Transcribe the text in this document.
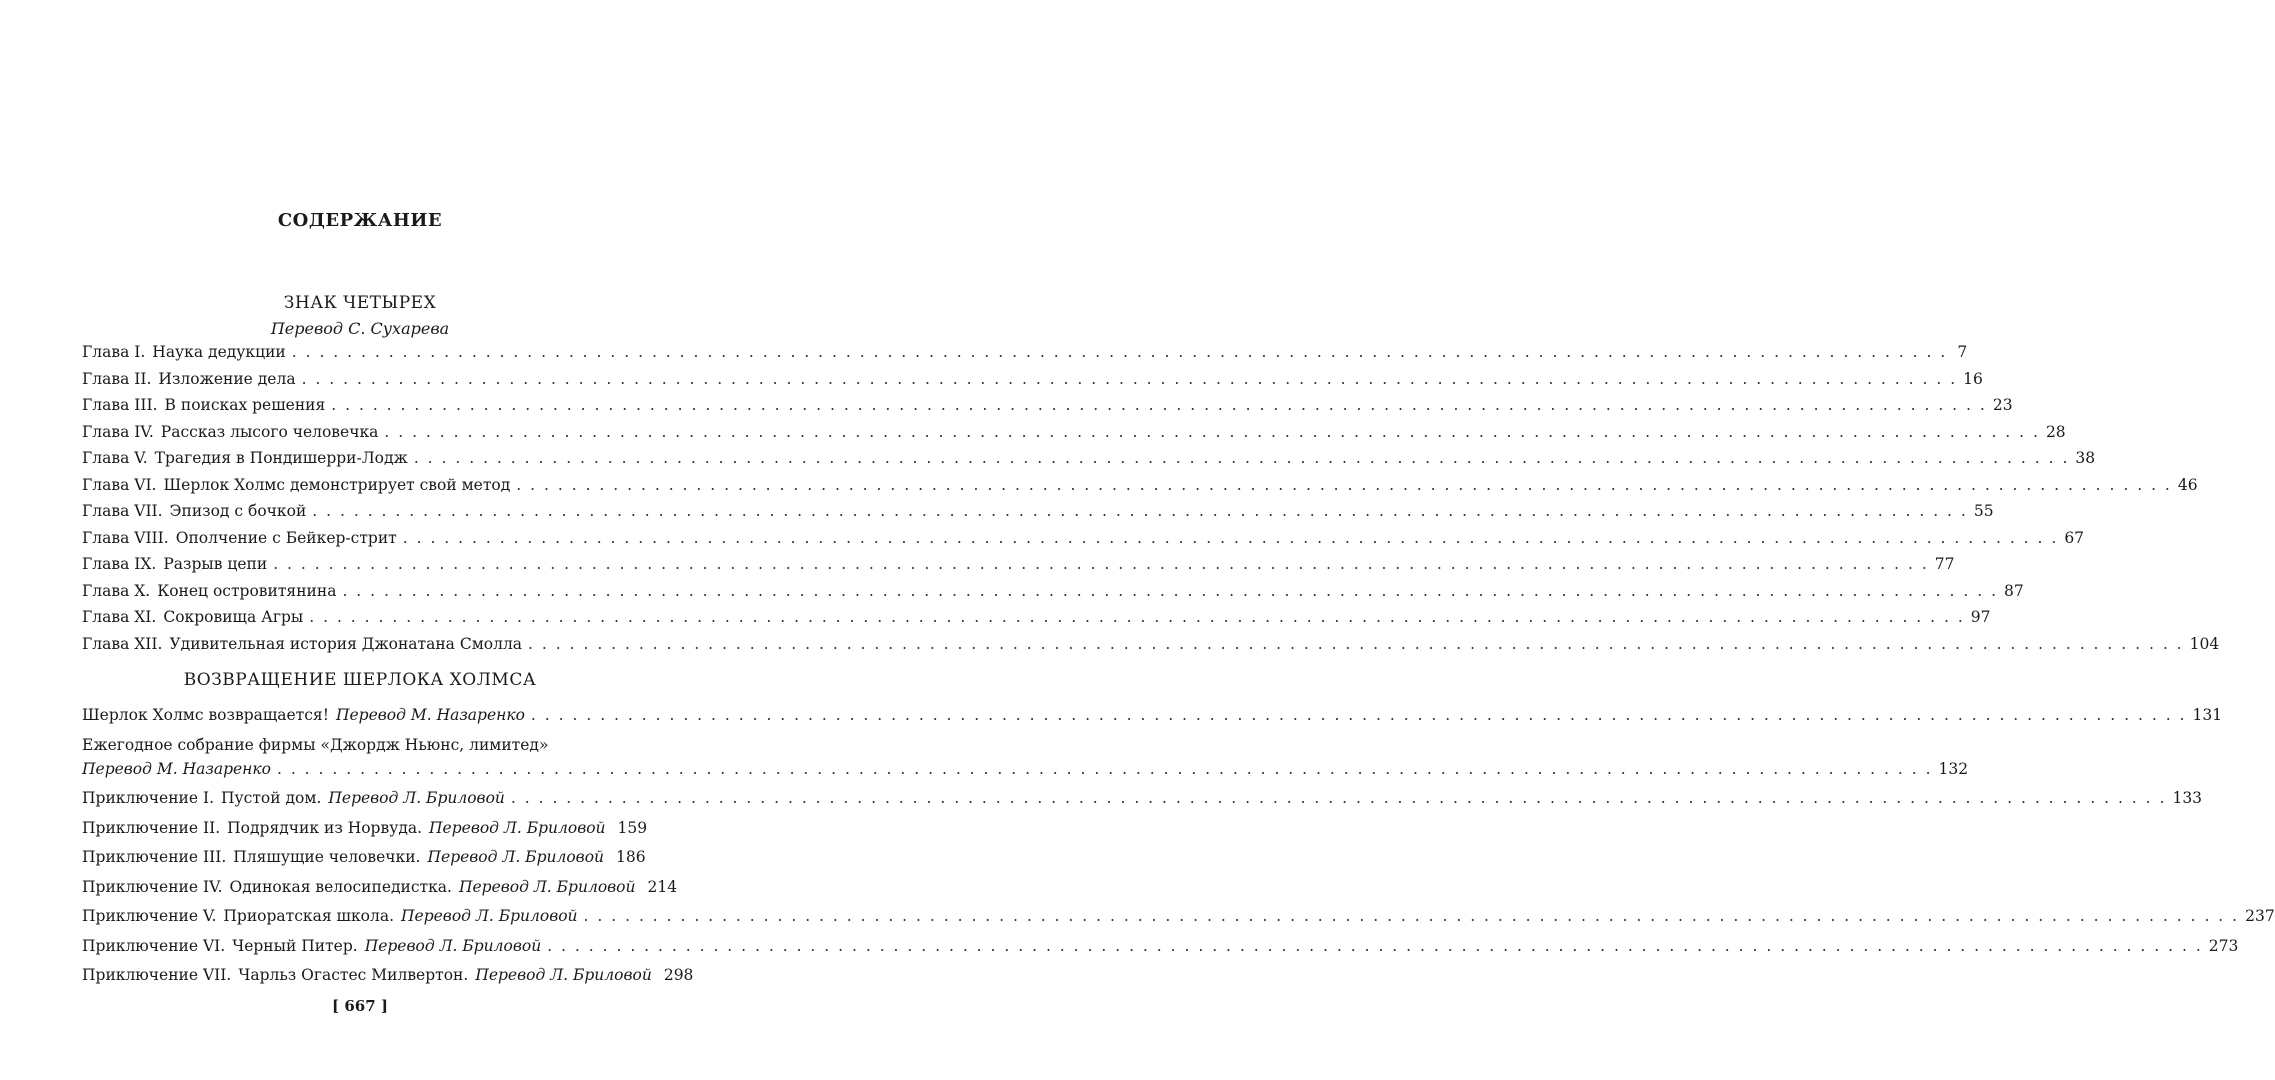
СОДЕРЖАНИЕ
ЗНАК ЧЕТЫРЕХ
Перевод С. Сухарева
Глава I. Наука дедукции . . . . . . . . . . . . . . . . . . . . . . . . . . . . . . . . . . . . . . . . . . . . . . . . . . . . . . . . . . . . . . . . . . . . . . . . . . . . . . . . . . . . . . . . . . . . . . . . . . . . . . . . . . . . . . . . . . . . . . . . 7
Глава II. Изложение дела . . . . . . . . . . . . . . . . . . . . . . . . . . . . . . . . . . . . . . . . . . . . . . . . . . . . . . . . . . . . . . . . . . . . . . . . . . . . . . . . . . . . . . . . . . . . . . . . . . . . . . . . . . . . . . . . . . . . . . . . 16
Глава III. В поисках решения . . . . . . . . . . . . . . . . . . . . . . . . . . . . . . . . . . . . . . . . . . . . . . . . . . . . . . . . . . . . . . . . . . . . . . . . . . . . . . . . . . . . . . . . . . . . . . . . . . . . . . . . . . . . . . . . . . . . . . . . 23
Глава IV. Рассказ лысого человечка . . . . . . . . . . . . . . . . . . . . . . . . . . . . . . . . . . . . . . . . . . . . . . . . . . . . . . . . . . . . . . . . . . . . . . . . . . . . . . . . . . . . . . . . . . . . . . . . . . . . . . . . . . . . . . . . . . . . . . . . 28
Глава V. Трагедия в Пондишерри-Лодж . . . . . . . . . . . . . . . . . . . . . . . . . . . . . . . . . . . . . . . . . . . . . . . . . . . . . . . . . . . . . . . . . . . . . . . . . . . . . . . . . . . . . . . . . . . . . . . . . . . . . . . . . . . . . . . . . . . . . . . . 38
Глава VI. Шерлок Холмс демонстрирует свой метод . . . . . . . . . . . . . . . . . . . . . . . . . . . . . . . . . . . . . . . . . . . . . . . . . . . . . . . . . . . . . . . . . . . . . . . . . . . . . . . . . . . . . . . . . . . . . . . . . . . . . . . . . . . . . . . . . . . . . . . . 46
Глава VII. Эпизод с бочкой . . . . . . . . . . . . . . . . . . . . . . . . . . . . . . . . . . . . . . . . . . . . . . . . . . . . . . . . . . . . . . . . . . . . . . . . . . . . . . . . . . . . . . . . . . . . . . . . . . . . . . . . . . . . . . . . . . . . . . . . 55
Глава VIII. Ополчение с Бейкер-стрит . . . . . . . . . . . . . . . . . . . . . . . . . . . . . . . . . . . . . . . . . . . . . . . . . . . . . . . . . . . . . . . . . . . . . . . . . . . . . . . . . . . . . . . . . . . . . . . . . . . . . . . . . . . . . . . . . . . . . . . . 67
Глава IX. Разрыв цепи . . . . . . . . . . . . . . . . . . . . . . . . . . . . . . . . . . . . . . . . . . . . . . . . . . . . . . . . . . . . . . . . . . . . . . . . . . . . . . . . . . . . . . . . . . . . . . . . . . . . . . . . . . . . . . . . . . . . . . . . 77
Глава X. Конец островитянина . . . . . . . . . . . . . . . . . . . . . . . . . . . . . . . . . . . . . . . . . . . . . . . . . . . . . . . . . . . . . . . . . . . . . . . . . . . . . . . . . . . . . . . . . . . . . . . . . . . . . . . . . . . . . . . . . . . . . . . . 87
Глава XI. Сокровища Агры . . . . . . . . . . . . . . . . . . . . . . . . . . . . . . . . . . . . . . . . . . . . . . . . . . . . . . . . . . . . . . . . . . . . . . . . . . . . . . . . . . . . . . . . . . . . . . . . . . . . . . . . . . . . . . . . . . . . . . . . 97
Глава XII. Удивительная история Джонатана Смолла . . . . . . . . . . . . . . . . . . . . . . . . . . . . . . . . . . . . . . . . . . . . . . . . . . . . . . . . . . . . . . . . . . . . . . . . . . . . . . . . . . . . . . . . . . . . . . . . . . . . . . . . . . . . . . . . . . . . . . . . 104
ВОЗВРАЩЕНИЕ ШЕРЛОКА ХОЛМСА
Шерлок Холмс возвращается! Перевод М. Назаренко . . . . . . . . . . . . . . . . . . . . . . . . . . . . . . . . . . . . . . . . . . . . . . . . . . . . . . . . . . . . . . . . . . . . . . . . . . . . . . . . . . . . . . . . . . . . . . . . . . . . . . . . . . . . . . . . . . . . . . . . 131
Ежегодное собрание фирмы «Джордж Ньюнс, лимитед»
Перевод М. Назаренко . . . . . . . . . . . . . . . . . . . . . . . . . . . . . . . . . . . . . . . . . . . . . . . . . . . . . . . . . . . . . . . . . . . . . . . . . . . . . . . . . . . . . . . . . . . . . . . . . . . . . . . . . . . . . . . . . . . . . . . . 132
Приключение I. Пустой дом. Перевод Л. Бриловой . . . . . . . . . . . . . . . . . . . . . . . . . . . . . . . . . . . . . . . . . . . . . . . . . . . . . . . . . . . . . . . . . . . . . . . . . . . . . . . . . . . . . . . . . . . . . . . . . . . . . . . . . . . . . . . . . . . . . . . . 133
Приключение II. Подрядчик из Норвуда. Перевод Л. Бриловой 159
Приключение III. Пляшущие человечки. Перевод Л. Бриловой 186
Приключение IV. Одинокая велосипедистка. Перевод Л. Бриловой 214
Приключение V. Приоратская школа. Перевод Л. Бриловой . . . . . . . . . . . . . . . . . . . . . . . . . . . . . . . . . . . . . . . . . . . . . . . . . . . . . . . . . . . . . . . . . . . . . . . . . . . . . . . . . . . . . . . . . . . . . . . . . . . . . . . . . . . . . . . . . . . . . . . . 237
Приключение VI. Черный Питер. Перевод Л. Бриловой . . . . . . . . . . . . . . . . . . . . . . . . . . . . . . . . . . . . . . . . . . . . . . . . . . . . . . . . . . . . . . . . . . . . . . . . . . . . . . . . . . . . . . . . . . . . . . . . . . . . . . . . . . . . . . . . . . . . . . . . 273
Приключение VII. Чарльз Огастес Милвертон. Перевод Л. Бриловой 298
[ 667 ]
